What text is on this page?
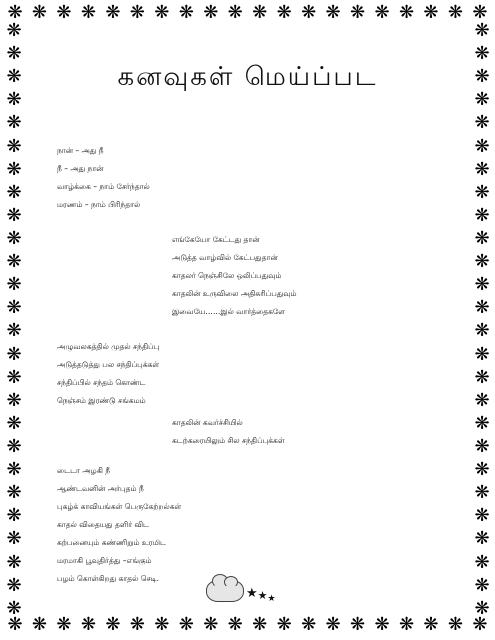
❋ ❋ ❋ ❋ ❋ ❋ ❋ ❋ ❋ ❋ ❋ ❋ ❋ ❋ ❋ ❋ ❋ ❋ ❋ ❋
❋ ❋ ❋ ❋ ❋ ❋ ❋ ❋ ❋ ❋ ❋ ❋ ❋ ❋ ❋ ❋ ❋ ❋ ❋ ❋
❋
❋
❋
❋
❋
❋
❋
❋
❋
❋
❋
❋
❋
❋
❋
❋
❋
❋
❋
❋
❋
❋
❋
❋
❋
❋
❋
❋
❋
❋
❋
❋
❋
❋
❋
❋
❋
❋
❋
❋
❋
❋
❋
❋
❋
❋
❋
❋
❋
❋
❋
❋
கனவுகள் மெய்ப்பட
நான் – அது நீ
நீ – அது நான்
வாழ்க்கை – நாம் சேர்ந்தால்
மரணம் – நாம் பிரிந்தால்
எங்கேயோ கேட்டது தான்
அடுத்த வாழ்வில் கேட்பதுதான்
காதலர் நெஞ்சிலே ஒலிப்பதுவும்
காதலின் உருவிலை அதிசுரிப்பதுவும்
இவையே……இல் வார்த்தைகளே
அழுவலகத்தில் முதல் சந்திப்பு
அடுத்தடுத்து பல சந்திப்புக்கள்
சந்திப்பில் சந்தம் கொண்ட
நெஞ்சம் இரண்டு சங்கமம்
காதலின் கவர்ச்சியில்
கடற்கரையிலும் சில சந்திப்புக்கள்
டைடா அழகி நீ
ஆண்டவனின் அர்புதம் நீ
புகழ்க் காவியங்கள் பெருகேற்றல்கள்
காதல் விதையது தளிர் விட
கற்பனையும் கண்ணிறும் உரமிட
மரமாகி பூவுதிர்த்து –எங்கும்
பழம் கொள்கிறது காதல் செடி.
★★★
